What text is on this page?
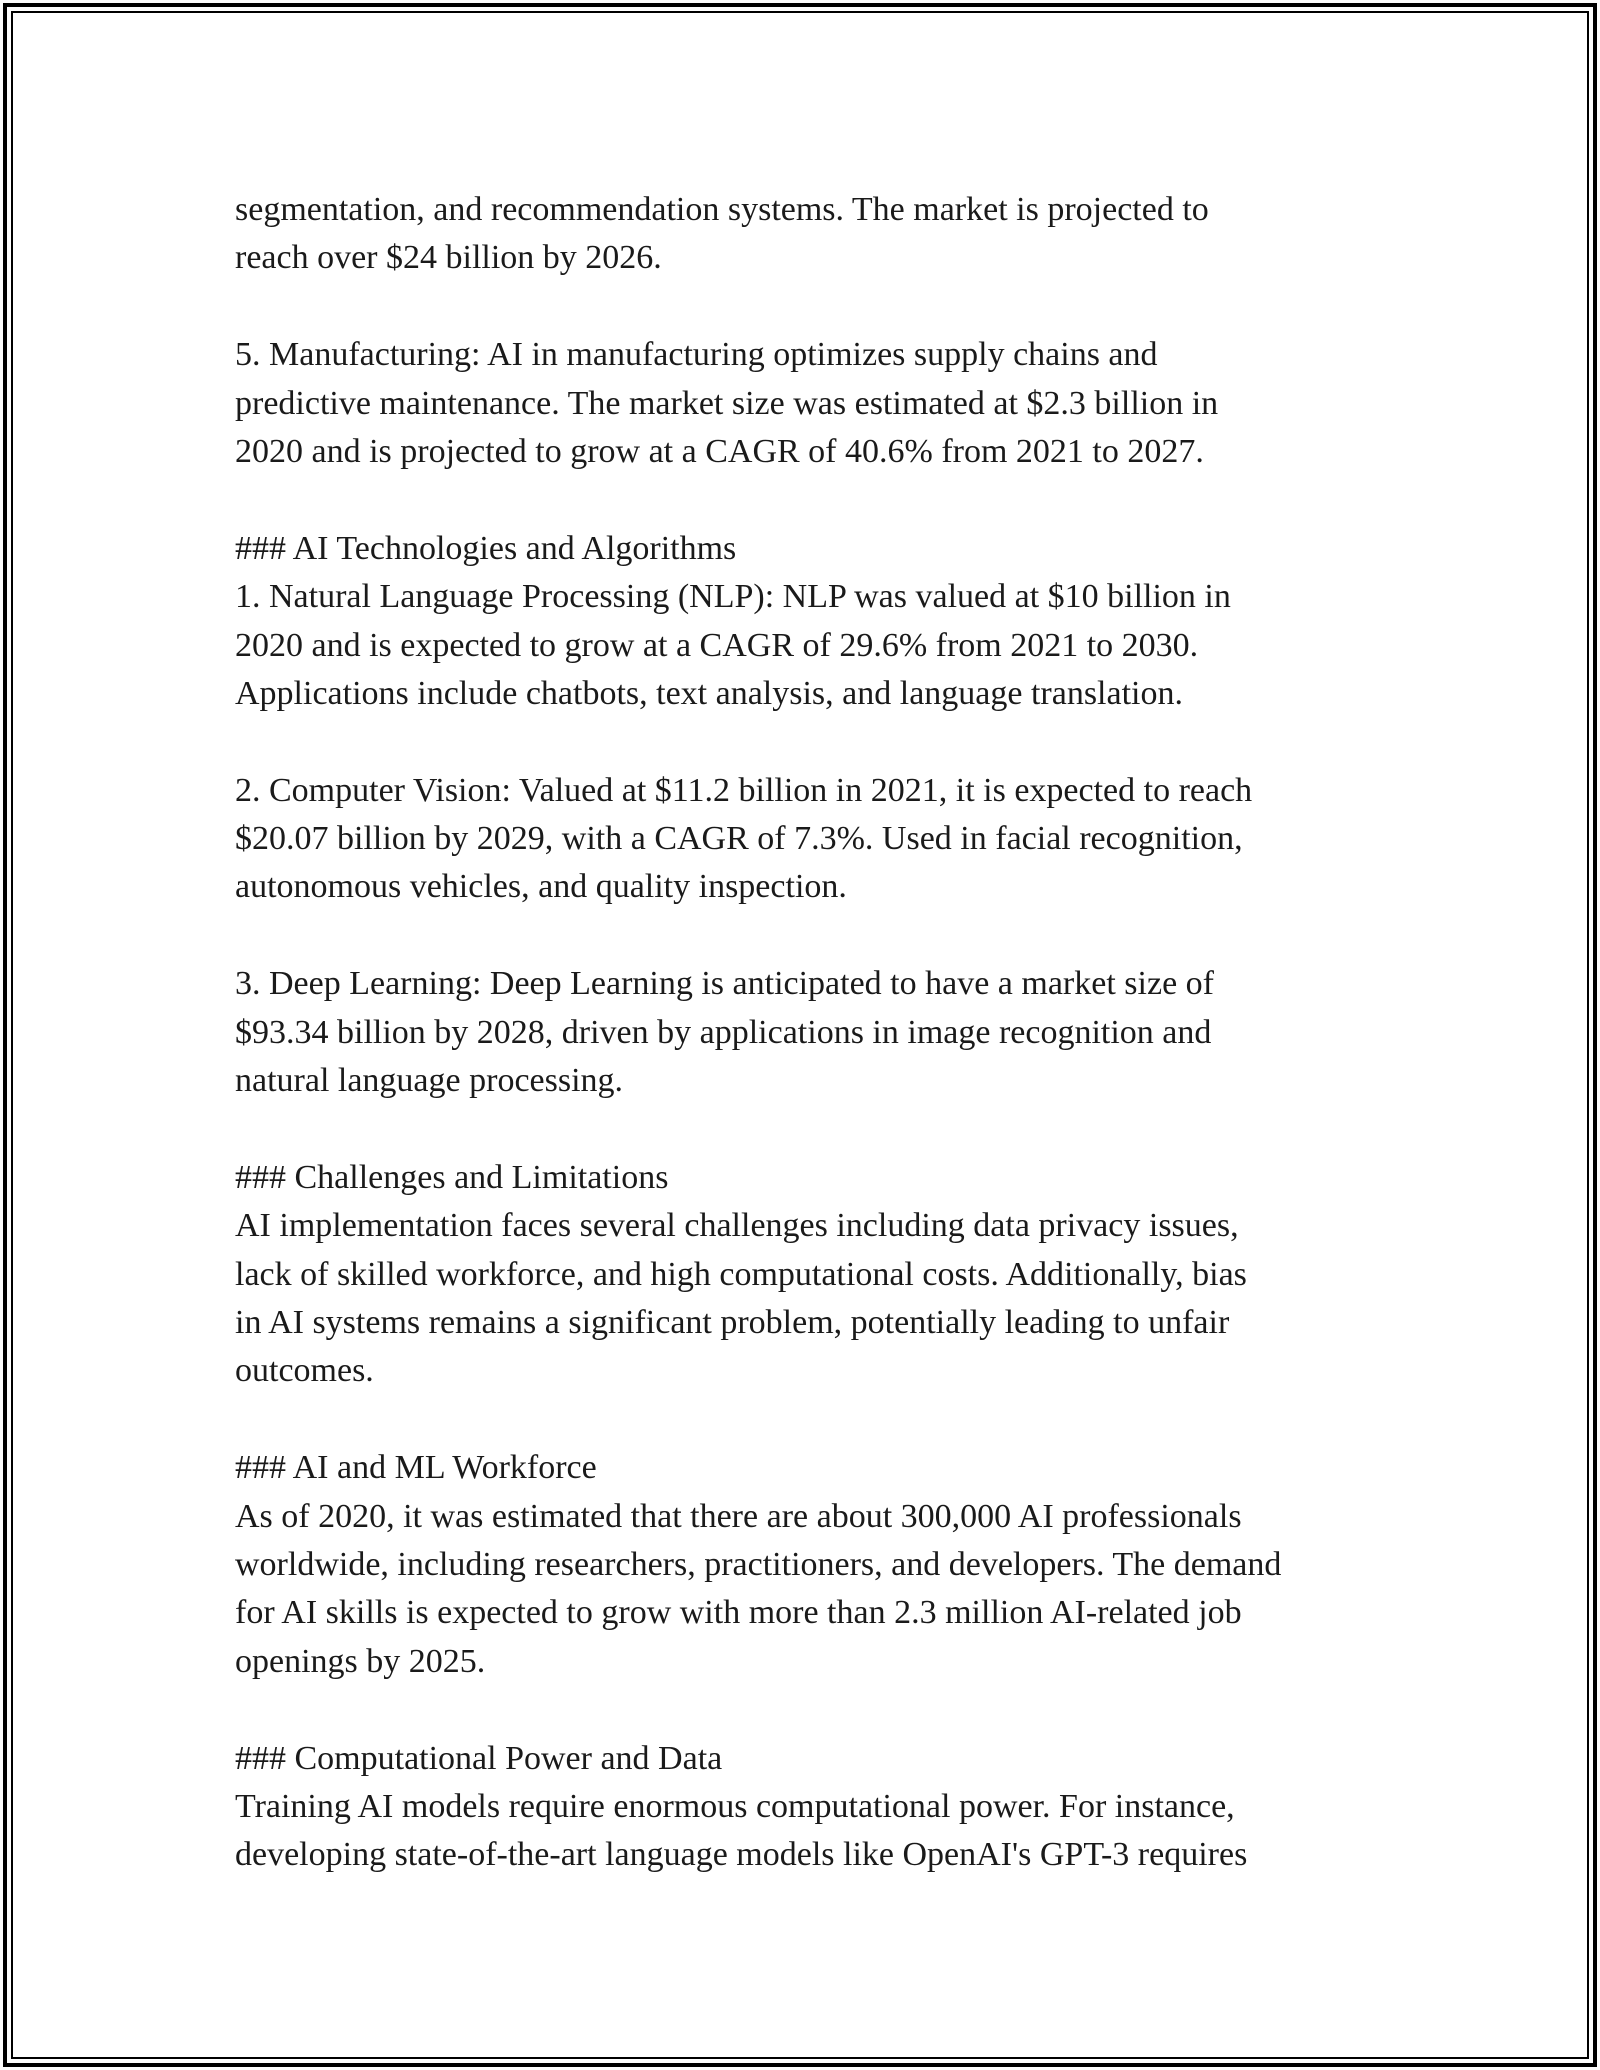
segmentation, and recommendation systems. The market is projected to
reach over $24 billion by 2026.
5. Manufacturing: AI in manufacturing optimizes supply chains and
predictive maintenance. The market size was estimated at $2.3 billion in
2020 and is projected to grow at a CAGR of 40.6% from 2021 to 2027.
### AI Technologies and Algorithms
1. Natural Language Processing (NLP): NLP was valued at $10 billion in
2020 and is expected to grow at a CAGR of 29.6% from 2021 to 2030.
Applications include chatbots, text analysis, and language translation.
2. Computer Vision: Valued at $11.2 billion in 2021, it is expected to reach
$20.07 billion by 2029, with a CAGR of 7.3%. Used in facial recognition,
autonomous vehicles, and quality inspection.
3. Deep Learning: Deep Learning is anticipated to have a market size of
$93.34 billion by 2028, driven by applications in image recognition and
natural language processing.
### Challenges and Limitations
AI implementation faces several challenges including data privacy issues,
lack of skilled workforce, and high computational costs. Additionally, bias
in AI systems remains a significant problem, potentially leading to unfair
outcomes.
### AI and ML Workforce
As of 2020, it was estimated that there are about 300,000 AI professionals
worldwide, including researchers, practitioners, and developers. The demand
for AI skills is expected to grow with more than 2.3 million AI-related job
openings by 2025.
### Computational Power and Data
Training AI models require enormous computational power. For instance,
developing state-of-the-art language models like OpenAI's GPT-3 requires
